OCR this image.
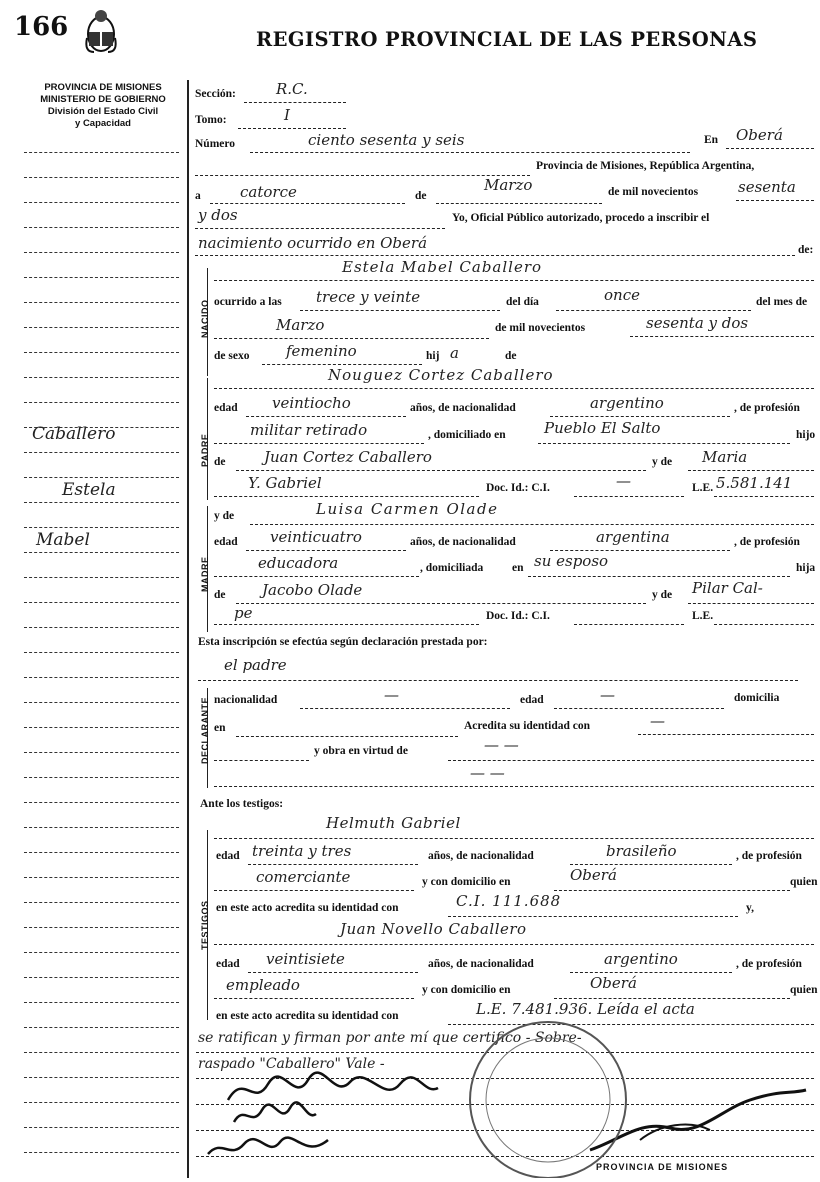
166	REGISTRO PROVINCIAL DE LAS PERSONAS
PROVINCIA DE MISIONES
MINISTERIO DE GOBIERNO
División del Estado Civil
y Capacidad
Caballero
Estela
Mabel
NACIDO
PADRE
MADRE
DECLARANTE
TESTIGOS
Sección:	R.C.
Tomo:	I
Número	ciento sesenta y seis	En Oberá
Provincia de Misiones, República Argentina,
a	catorce	de
Marzo	de mil novecientos	sesenta
y dos	Yo, Oficial Público autorizado, procedo a inscribir el
nacimiento ocurrido en Oberá	de:
Estela Mabel Caballero
ocurrido a las trece y veinte	del día	once	del mes de
Marzo	de mil novecientos	sesenta y dos
de sexo femenino	hij a	de
Nouguez Cortez Caballero
edad veintiocho	años, de nacionalidad	argentino	, de profesión
militar retirado	, domiciliado en	Pueblo El Salto	hijo
de	Juan Cortez Caballero	y de Maria
Y. Gabriel	Doc. Id.: C.I.	—	L.E. 5.581.141
y de	Luisa Carmen Olade
edad veinticuatro	años, de nacionalidad	argentina	, de profesión
educadora	, domiciliada en su esposo	hija
de Jacobo Olade	y de Pilar Cal-
pe	Doc. Id.: C.I.	L.E.
Esta inscripción se efectúa según declaración prestada por:
el padre
nacionalidad	—	edad	—	domicilia
en	Acredita su identidad con	—
y obra en virtud de	— —
— —
Ante los testigos:
Helmuth Gabriel
edad treinta y tres	años, de nacionalidad	brasileño	, de profesión
comerciante	y con domicilio en	Oberá	quien
en este acto acredita su identidad con	C.I. 111.688	y,
Juan Novello Caballero
edad veintisiete	años, de nacionalidad	argentino	, de profesión
empleado	y con domicilio en	Oberá	quien
en este acto acredita su identidad con	L.E. 7.481.936. Leída el acta
se ratifican y firman por ante mí que certifico - Sobre-
raspado "Caballero" Vale -
PROVINCIA DE MISIONES
